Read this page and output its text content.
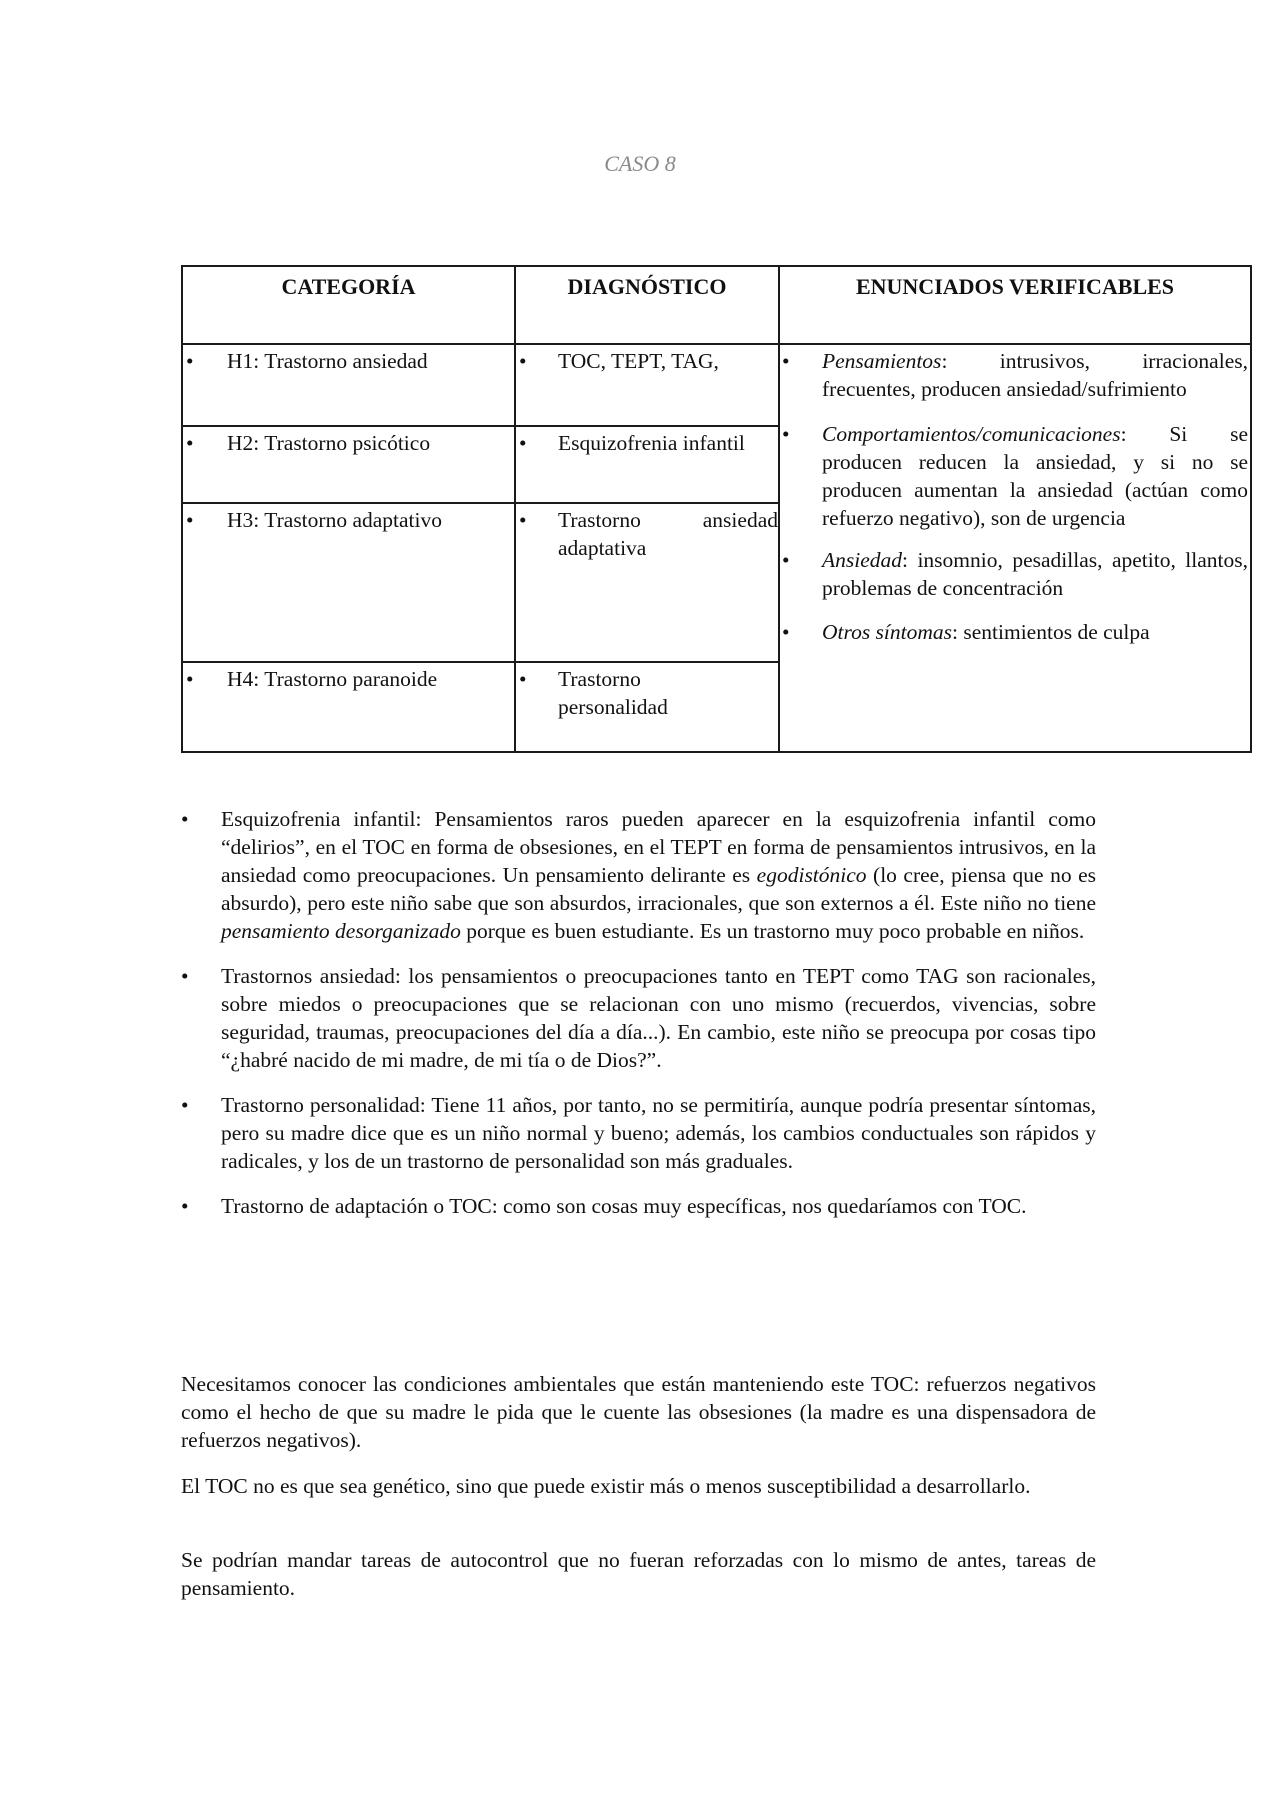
CASO 8
CATEGORÍA	DIAGNÓSTICO	ENUNCIADOS VERIFICABLES
• H1: Trastorno ansiedad
• H2: Trastorno psicótico
• H3: Trastorno adaptativo
• H4: Trastorno paranoide
• TOC, TEPT, TAG,
• Esquizofrenia infantil
• Trastorno ansiedad adaptativa
• Trastorno personalidad
• Pensamientos: intrusivos, irracionales, frecuentes, producen ansiedad/sufrimiento
• Comportamientos/comunicaciones: Si se producen reducen la ansiedad, y si no se producen aumentan la ansiedad (actúan como refuerzo negativo), son de urgencia
• Ansiedad: insomnio, pesadillas, apetito, llantos, problemas de concentración
• Otros síntomas: sentimientos de culpa
• Esquizofrenia infantil: Pensamientos raros pueden aparecer en la esquizofrenia infantil como “delirios”, en el TOC en forma de obsesiones, en el TEPT en forma de pensamientos intrusivos, en la ansiedad como preocupaciones. Un pensamiento delirante es egodistónico (lo cree, piensa que no es absurdo), pero este niño sabe que son absurdos, irracionales, que son externos a él. Este niño no tiene pensamiento desorganizado porque es buen estudiante. Es un trastorno muy poco probable en niños.
• Trastornos ansiedad: los pensamientos o preocupaciones tanto en TEPT como TAG son racionales, sobre miedos o preocupaciones que se relacionan con uno mismo (recuerdos, vivencias, sobre seguridad, traumas, preocupaciones del día a día...). En cambio, este niño se preocupa por cosas tipo “¿habré nacido de mi madre, de mi tía o de Dios?”.
• Trastorno personalidad: Tiene 11 años, por tanto, no se permitiría, aunque podría presentar síntomas, pero su madre dice que es un niño normal y bueno; además, los cambios conductuales son rápidos y radicales, y los de un trastorno de personalidad son más graduales.
• Trastorno de adaptación o TOC: como son cosas muy específicas, nos quedaríamos con TOC.
Necesitamos conocer las condiciones ambientales que están manteniendo este TOC: refuerzos negativos como el hecho de que su madre le pida que le cuente las obsesiones (la madre es una dispensadora de refuerzos negativos).
El TOC no es que sea genético, sino que puede existir más o menos susceptibilidad a desarrollarlo.
Se podrían mandar tareas de autocontrol que no fueran reforzadas con lo mismo de antes, tareas de pensamiento.
